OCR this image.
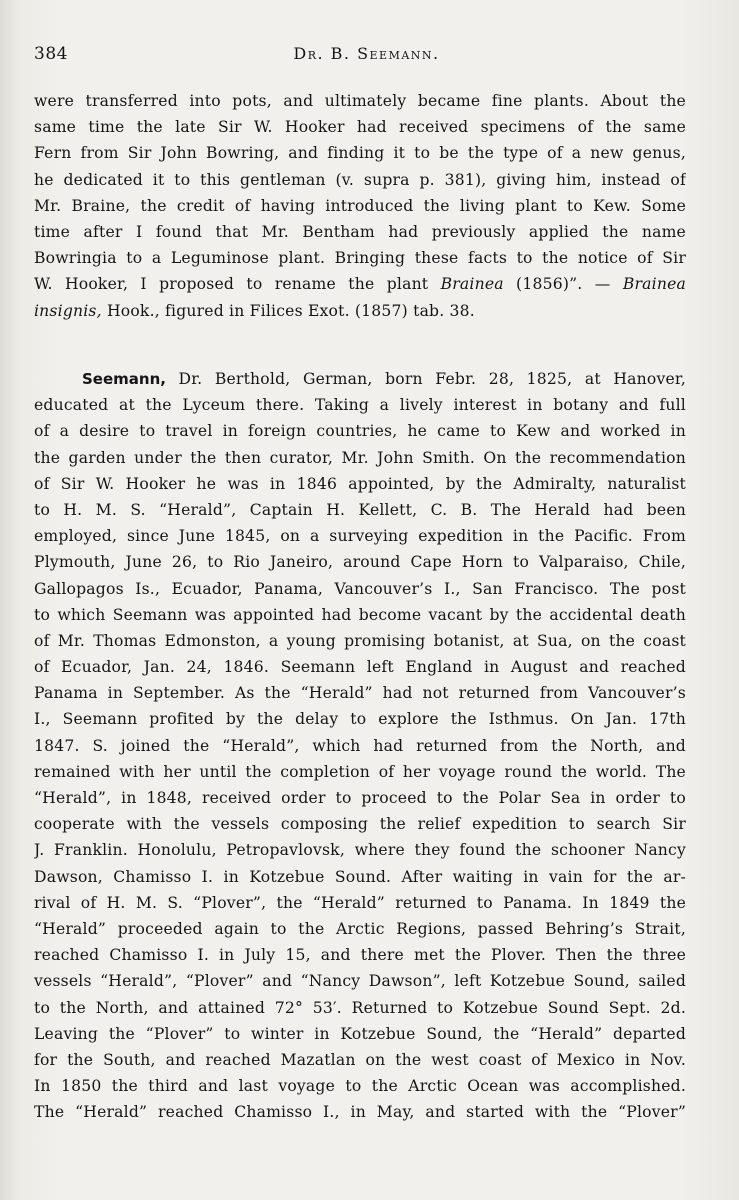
384	Dr. B. Seemann.
were transferred into pots, and ultimately became fine plants. About the
same time the late Sir W. Hooker had received specimens of the same
Fern from Sir John Bowring, and finding it to be the type of a new genus,
he dedicated it to this gentleman (v. supra p. 381), giving him, instead of
Mr. Braine, the credit of having introduced the living plant to Kew. Some
time after I found that Mr. Bentham had previously applied the name
Bowringia to a Leguminose plant. Bringing these facts to the notice of Sir
W. Hooker, I proposed to rename the plant Brainea (1856)”. — Brainea
insignis, Hook., figured in Filices Exot. (1857) tab. 38.
Seemann, Dr. Berthold, German, born Febr. 28, 1825, at Hanover,
educated at the Lyceum there. Taking a lively interest in botany and full
of a desire to travel in foreign countries, he came to Kew and worked in
the garden under the then curator, Mr. John Smith. On the recommendation
of Sir W. Hooker he was in 1846 appointed, by the Admiralty, naturalist
to H. M. S. “Herald”, Captain H. Kellett, C. B. The Herald had been
employed, since June 1845, on a surveying expedition in the Pacific. From
Plymouth, June 26, to Rio Janeiro, around Cape Horn to Valparaiso, Chile,
Gallopagos Is., Ecuador, Panama, Vancouver’s I., San Francisco. The post
to which Seemann was appointed had become vacant by the accidental death
of Mr. Thomas Edmonston, a young promising botanist, at Sua, on the coast
of Ecuador, Jan. 24, 1846. Seemann left England in August and reached
Panama in September. As the “Herald” had not returned from Vancouver’s
I., Seemann profited by the delay to explore the Isthmus. On Jan. 17th
1847. S. joined the “Herald”, which had returned from the North, and
remained with her until the completion of her voyage round the world. The
“Herald”, in 1848, received order to proceed to the Polar Sea in order to
cooperate with the vessels composing the relief expedition to search Sir
J. Franklin. Honolulu, Petropavlovsk, where they found the schooner Nancy
Dawson, Chamisso I. in Kotzebue Sound. After waiting in vain for the ar-
rival of H. M. S. “Plover”, the “Herald” returned to Panama. In 1849 the
“Herald” proceeded again to the Arctic Regions, passed Behring’s Strait,
reached Chamisso I. in July 15, and there met the Plover. Then the three
vessels “Herald”, “Plover” and “Nancy Dawson”, left Kotzebue Sound, sailed
to the North, and attained 72° 53′. Returned to Kotzebue Sound Sept. 2d.
Leaving the “Plover” to winter in Kotzebue Sound, the “Herald” departed
for the South, and reached Mazatlan on the west coast of Mexico in Nov.
In 1850 the third and last voyage to the Arctic Ocean was accomplished.
The “Herald” reached Chamisso I., in May, and started with the “Plover”
